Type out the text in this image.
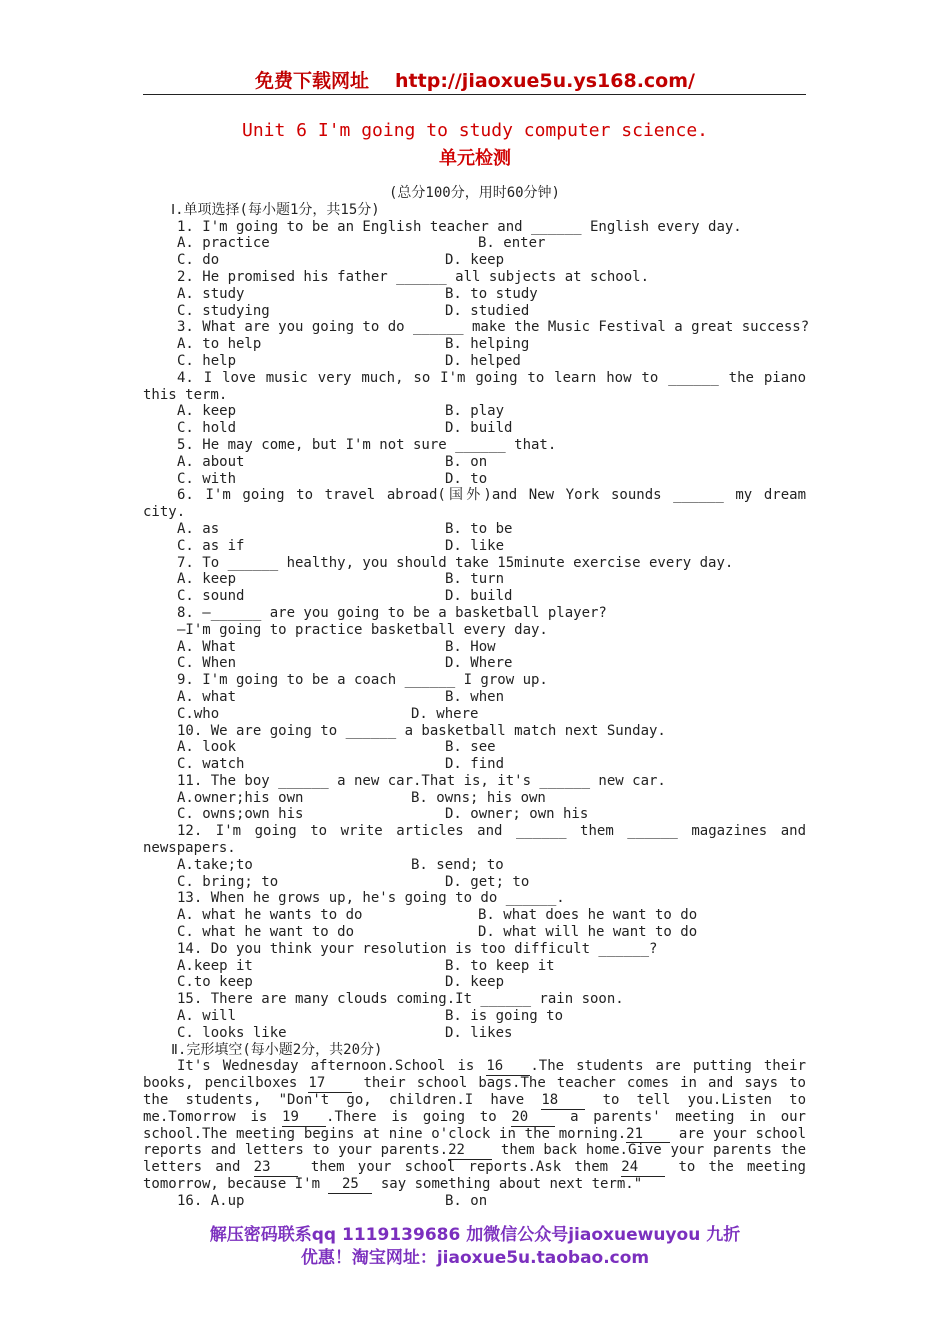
免费下载网址 http://jiaoxue5u.ys168.com/
Unit 6 I'm going to study computer science.
单元检测
(总分100分，用时60分钟)
Ⅰ.单项选择(每小题1分，共15分)
1. I'm going to be an English teacher and ______ English every day.
A. practice	B. enter
C. do	D. keep
2. He promised his father ______ all subjects at school.
A. study	B. to study
C. studying	D. studied
3. What are you going to do ______ make the Music Festival a great success?
A. to help	B. helping
C. help	D. helped
4. I love music very much, so I'm going to learn how to ______ the piano
this term.
A. keep	B. play
C. hold	D. build
5. He may come, but I'm not sure ______ that.
A. about	B. on
C. with	D. to
6. I'm going to travel abroad(国外)and New York sounds ______ my dream
city.
A. as	B. to be
C. as if	D. like
7. To ______ healthy, you should take 15minute exercise every day.
A. keep	B. turn
C. sound	D. build
8. —______ are you going to be a basketball player?
—I'm going to practice basketball every day.
A. What	B. How
C. When	D. Where
9. I'm going to be a coach ______ I grow up.
A. what	B. when
C.who	D. where
10. We are going to ______ a basketball match next Sunday.
A. look	B. see
C. watch	D. find
11. The boy ______ a new car.That is, it's ______ new car.
A.owner;his own	B. owns; his own
C. owns;own his	D. owner; own his
12. I'm going to write articles and ______ them ______ magazines and
newspapers.
A.take;to	B. send; to
C. bring; to	D. get; to
13. When he grows up, he's going to do ______.
A. what he wants to do	B. what does he want to do
C. what he want to do	D. what will he want to do
14. Do you think your resolution is too difficult ______?
A.keep it	B. to keep it
C.to keep	D. keep
15. There are many clouds coming.It ______ rain soon.
A. will	B. is going to
C. looks like	D. likes
Ⅱ.完形填空(每小题2分，共20分)
It's Wednesday afternoon.School is 16 .The students are putting their
books, pencilboxes 17 their school bags.The teacher comes in and says to
the students, "Don't go, children.I have 18 to tell you.Listen to
me.Tomorrow is 19 .There is going to 20 a parents' meeting in our
school.The meeting begins at nine o'clock in the morning.21 are your school
reports and letters to your parents.22 them back home.Give your parents the
letters and 23 them your school reports.Ask them 24 to the meeting
tomorrow, because I'm 25 say something about next term."
16. A.up	B. on
解压密码联系qq 1119139686 加微信公众号jiaoxuewuyou 九折
优惠！淘宝网址：jiaoxue5u.taobao.com
